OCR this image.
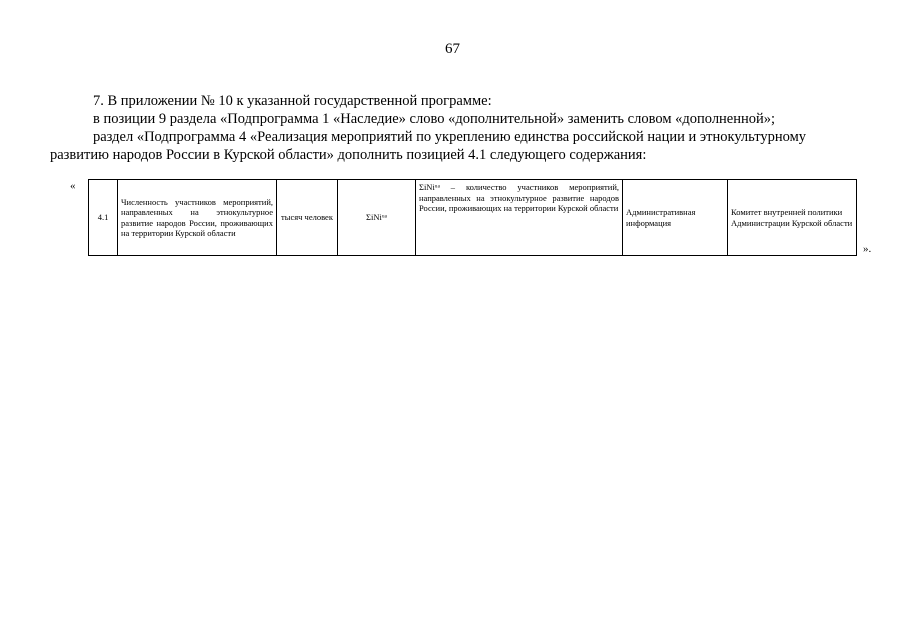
67
7. В приложении № 10 к указанной государственной программе:
в позиции 9 раздела «Подпрограмма 1 «Наследие» слово «дополнительной» заменить словом «дополненной»;
раздел «Подпрограмма 4 «Реализация мероприятий по укреплению единства российской нации и этнокультурному
развитию народов России в Курской области» дополнить позицией 4.1 следующего содержания:
«
4.1	Численность участников мероприятий, направленных на этнокультурное развитие народов России, проживающих на территории Курской области	тысяч человек	ΣiNiᵘᵃ	ΣiNiᵘᵃ – количество участников мероприятий, направленных на этнокультурное развитие народов России, проживающих на территории Курской области	Административная информация	Комитет внутренней политики Администрации Курской области
».
